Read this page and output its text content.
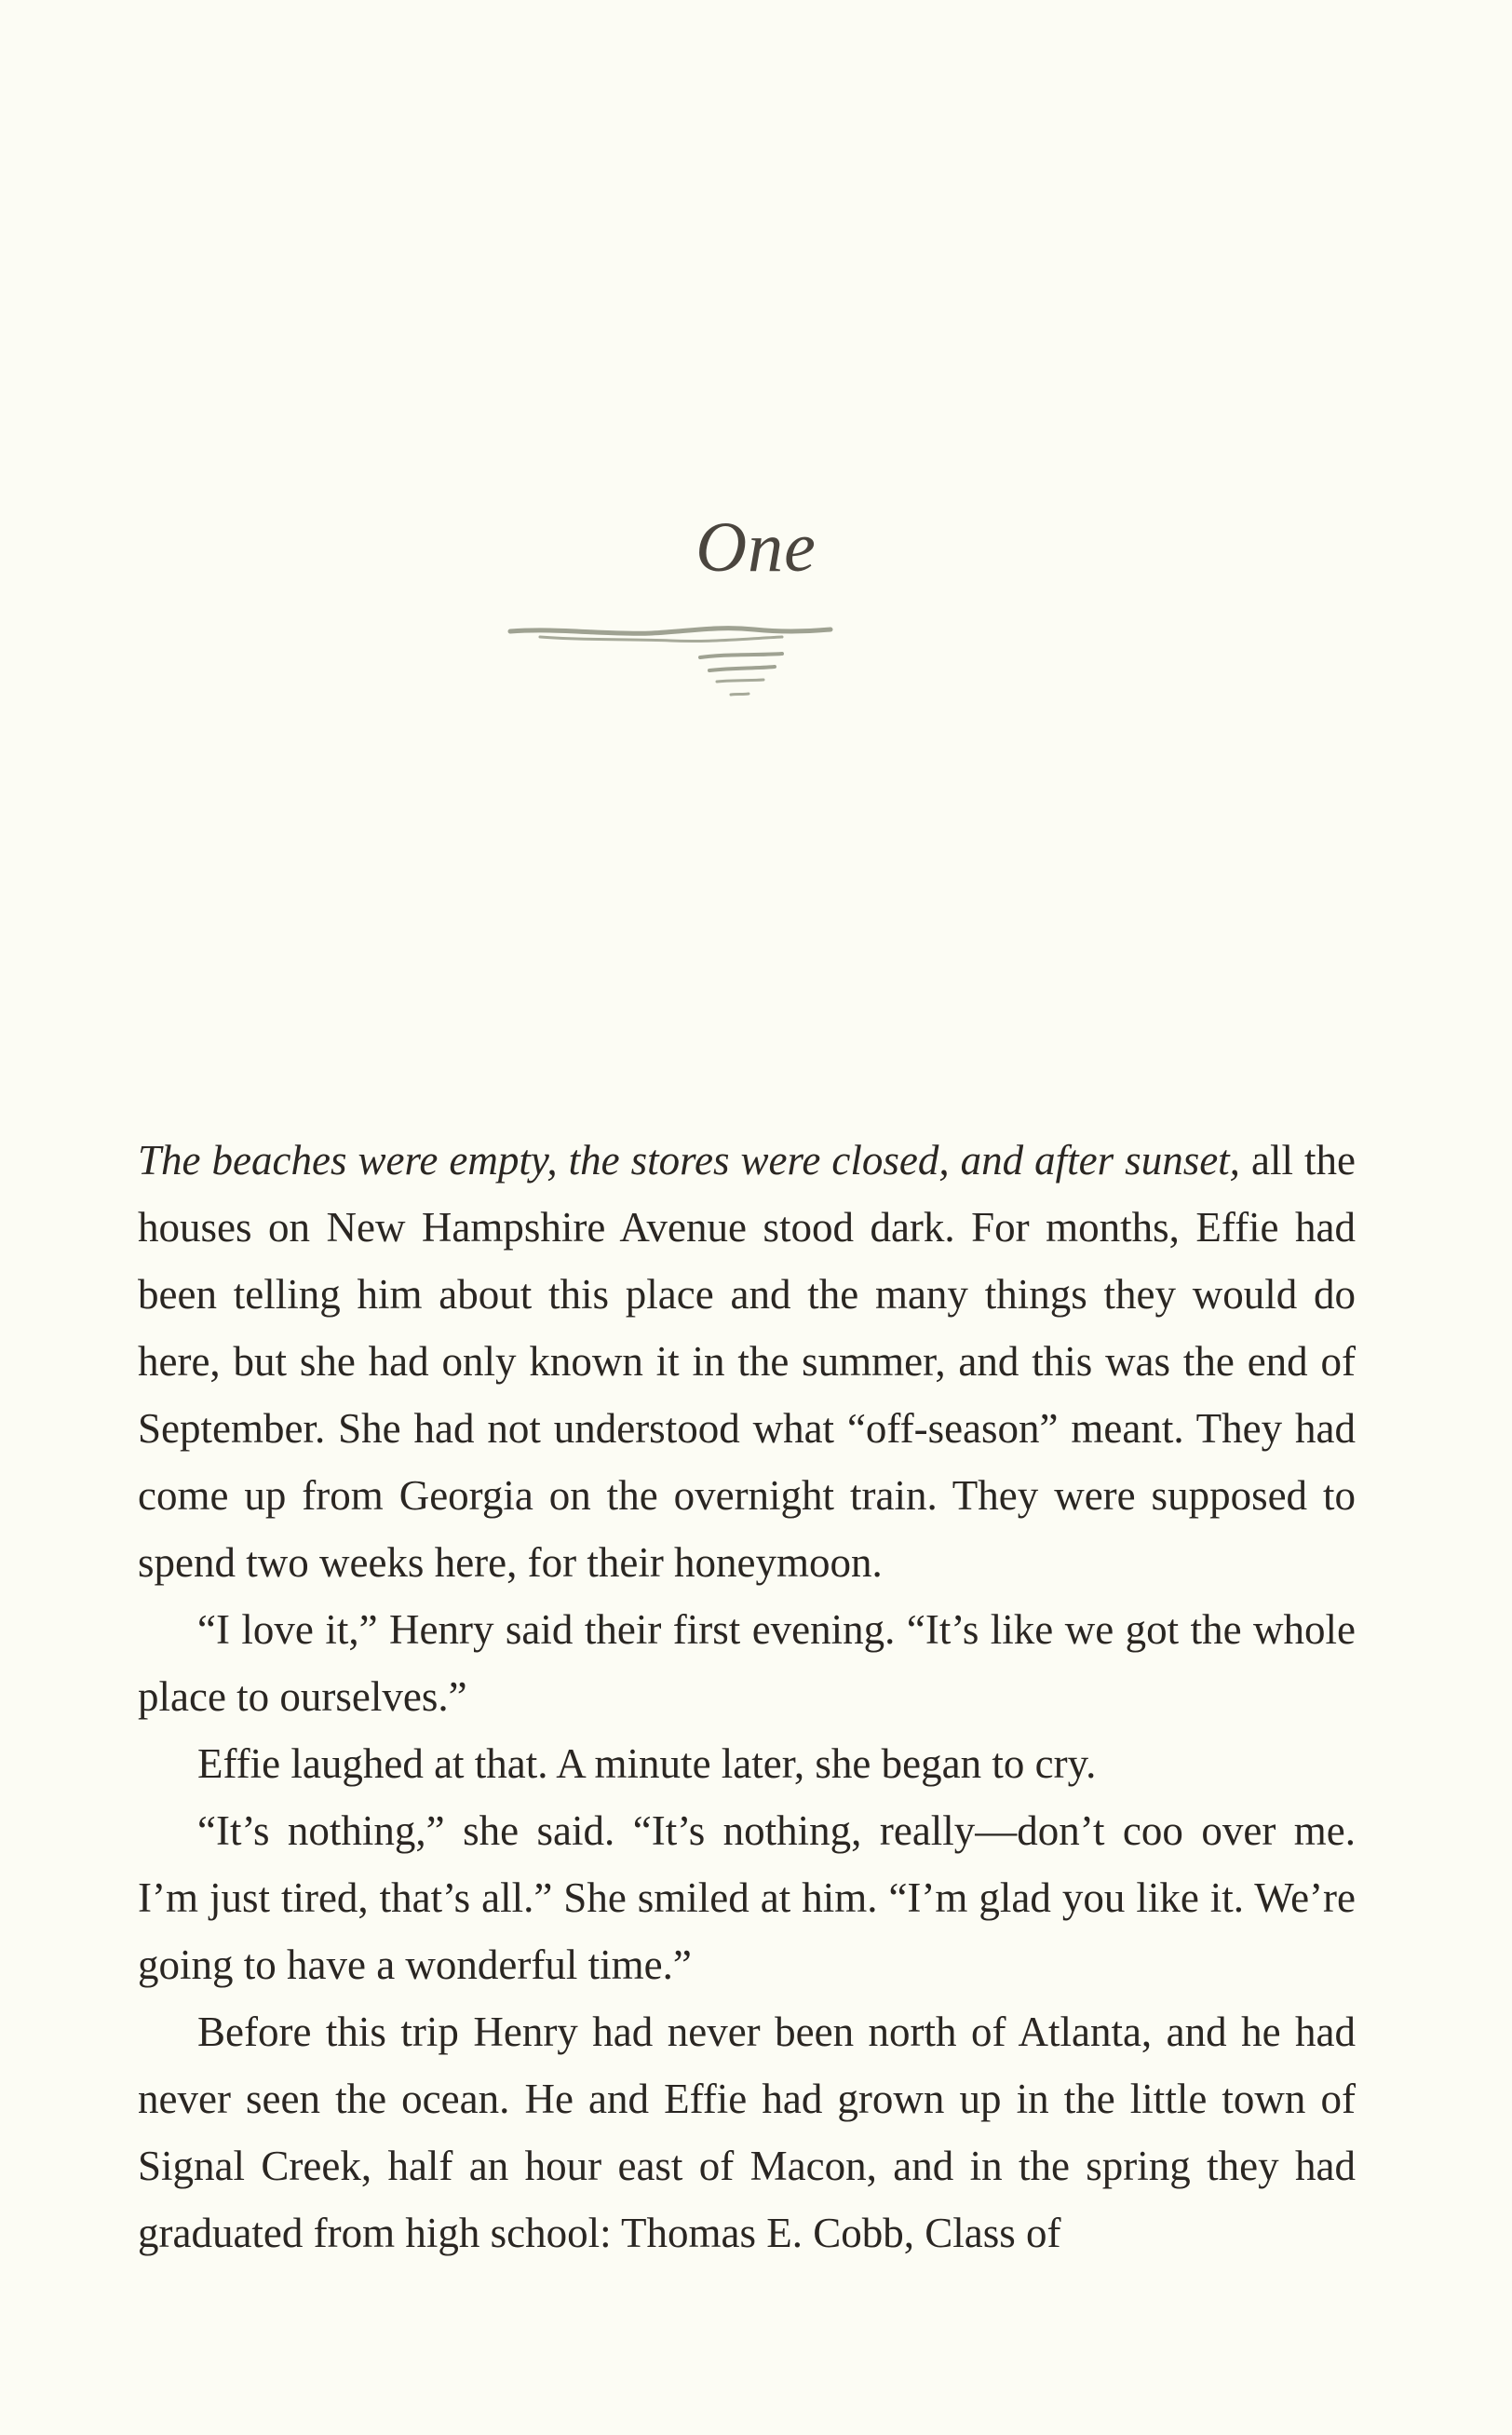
One

The beaches were empty, the stores were closed, and after sunset, all the houses on New Hampshire Avenue stood dark. For months, Effie had been telling him about this place and the many things they would do here, but she had only known it in the summer, and this was the end of September. She had not understood what “off-season” meant. They had come up from Georgia on the overnight train. They were supposed to spend two weeks here, for their honeymoon.

“I love it,” Henry said their first evening. “It’s like we got the whole place to ourselves.”

Effie laughed at that. A minute later, she began to cry.

“It’s nothing,” she said. “It’s nothing, really—don’t coo over me. I’m just tired, that’s all.” She smiled at him. “I’m glad you like it. We’re going to have a wonderful time.”

Before this trip Henry had never been north of Atlanta, and he had never seen the ocean. He and Effie had grown up in the little town of Signal Creek, half an hour east of Macon, and in the spring they had graduated from high school: Thomas E. Cobb, Class of
